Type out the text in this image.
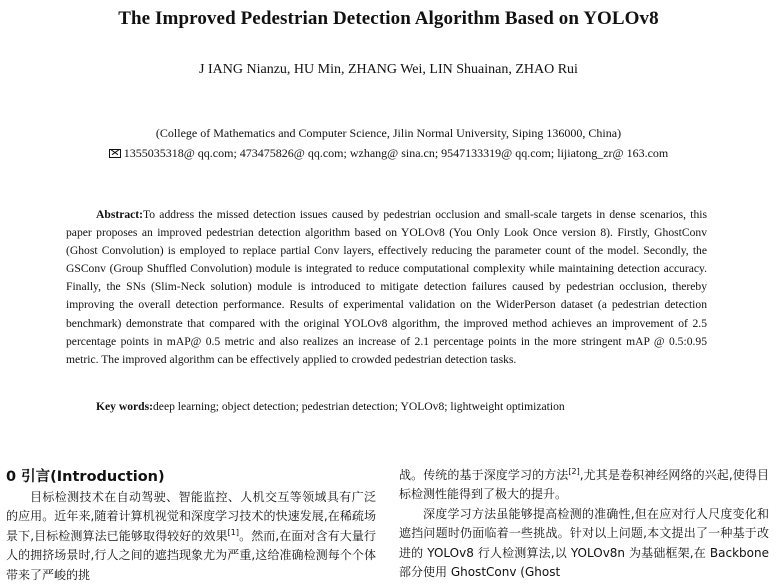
The Improved Pedestrian Detection Algorithm Based on YOLOv8
J IANG Nianzu, HU Min, ZHANG Wei, LIN Shuainan, ZHAO Rui
(College of Mathematics and Computer Science, Jilin Normal University, Siping 136000, China)
1355035318@ qq.com; 473475826@ qq.com; wzhang@ sina.cn; 9547133319@ qq.com; lijiatong_zr@ 163.com
Abstract:To address the missed detection issues caused by pedestrian occlusion and small-scale targets in dense scenarios, this paper proposes an improved pedestrian detection algorithm based on YOLOv8 (You Only Look Once version 8). Firstly, GhostConv (Ghost Convolution) is employed to replace partial Conv layers, effectively reducing the parameter count of the model. Secondly, the GSConv (Group Shuffled Convolution) module is integrated to reduce computational complexity while maintaining detection accuracy. Finally, the SNs (Slim-Neck solution) module is introduced to mitigate detection failures caused by pedestrian occlusion, thereby improving the overall detection performance. Results of experimental validation on the WiderPerson dataset (a pedestrian detection benchmark) demonstrate that compared with the original YOLOv8 algorithm, the improved method achieves an improvement of 2.5 percentage points in mAP@ 0.5 metric and also realizes an increase of 2.1 percentage points in the more stringent mAP @ 0.5:0.95 metric. The improved algorithm can be effectively applied to crowded pedestrian detection tasks.
Key words:deep learning; object detection; pedestrian detection; YOLOv8; lightweight optimization
0 引言(Introduction)

目标检测技术在自动驾驶、智能监控、人机交互等领域具有广泛的应用。近年来,随着计算机视觉和深度学习技术的快速发展,在稀疏场景下,目标检测算法已能够取得较好的效果[1]。然而,在面对含有大量行人的拥挤场景时,行人之间的遮挡现象尤为严重,这给准确检测每个个体带来了严峻的挑

战。传统的基于深度学习的方法[2],尤其是卷积神经网络的兴起,使得目标检测性能得到了极大的提升。

深度学习方法虽能够提高检测的准确性,但在应对行人尺度变化和遮挡问题时仍面临着一些挑战。针对以上问题,本文提出了一种基于改进的 YOLOv8 行人检测算法,以 YOLOv8n 为基础框架,在 Backbone 部分使用 GhostConv (Ghost
